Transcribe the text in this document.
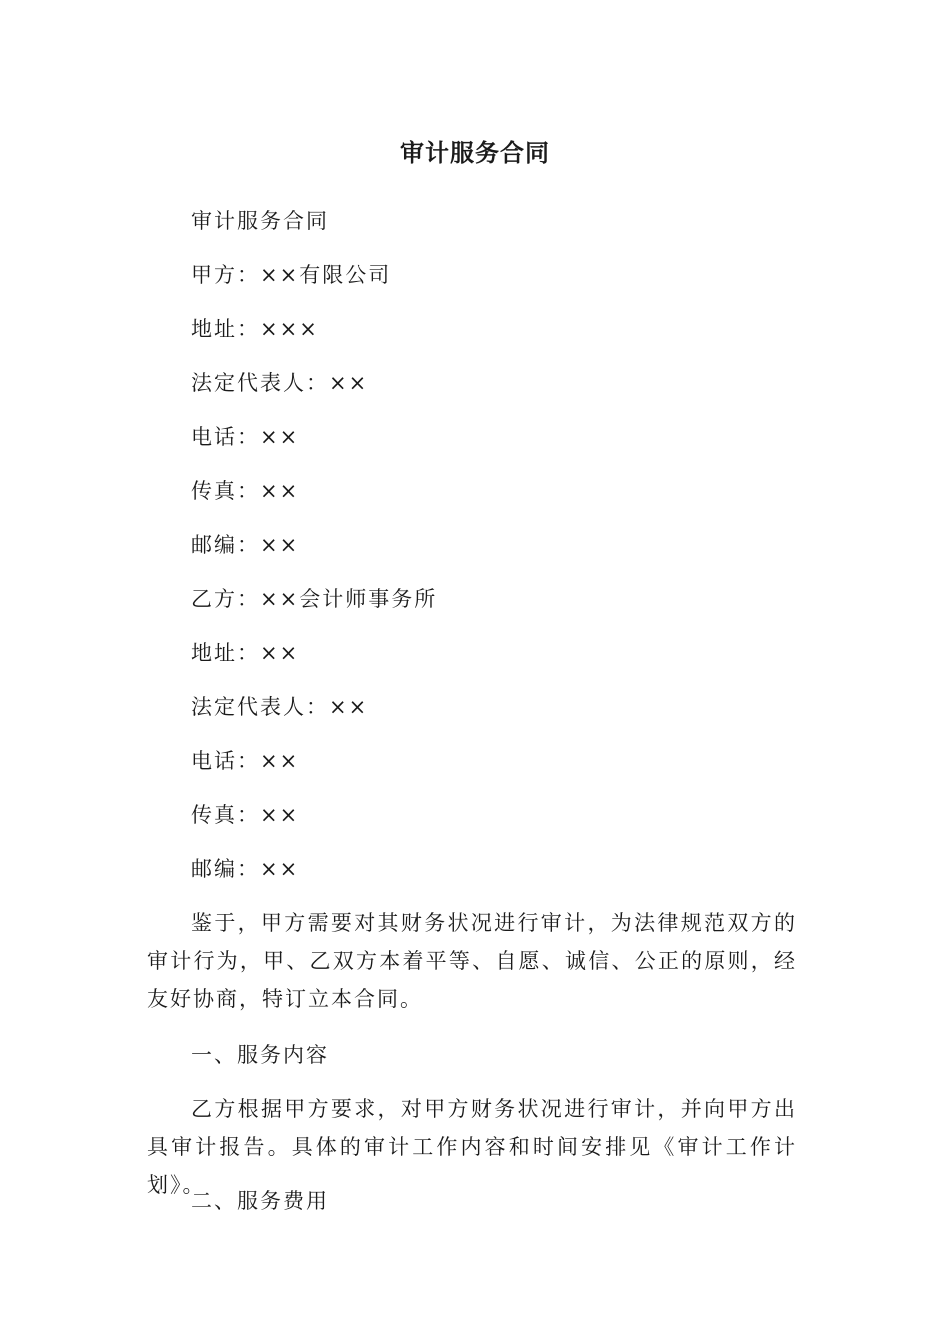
审计服务合同
审计服务合同
甲方：××有限公司
地址：×××
法定代表人：××
电话：××
传真：××
邮编：××
乙方：××会计师事务所
地址：××
法定代表人：××
电话：××
传真：××
邮编：××
鉴于，甲方需要对其财务状况进行审计，为法律规范双方的审计行为，甲、乙双方本着平等、自愿、诚信、公正的原则，经友好协商，特订立本合同。
一、服务内容
乙方根据甲方要求，对甲方财务状况进行审计，并向甲方出具审计报告。具体的审计工作内容和时间安排见《审计工作计划》。
二、服务费用
